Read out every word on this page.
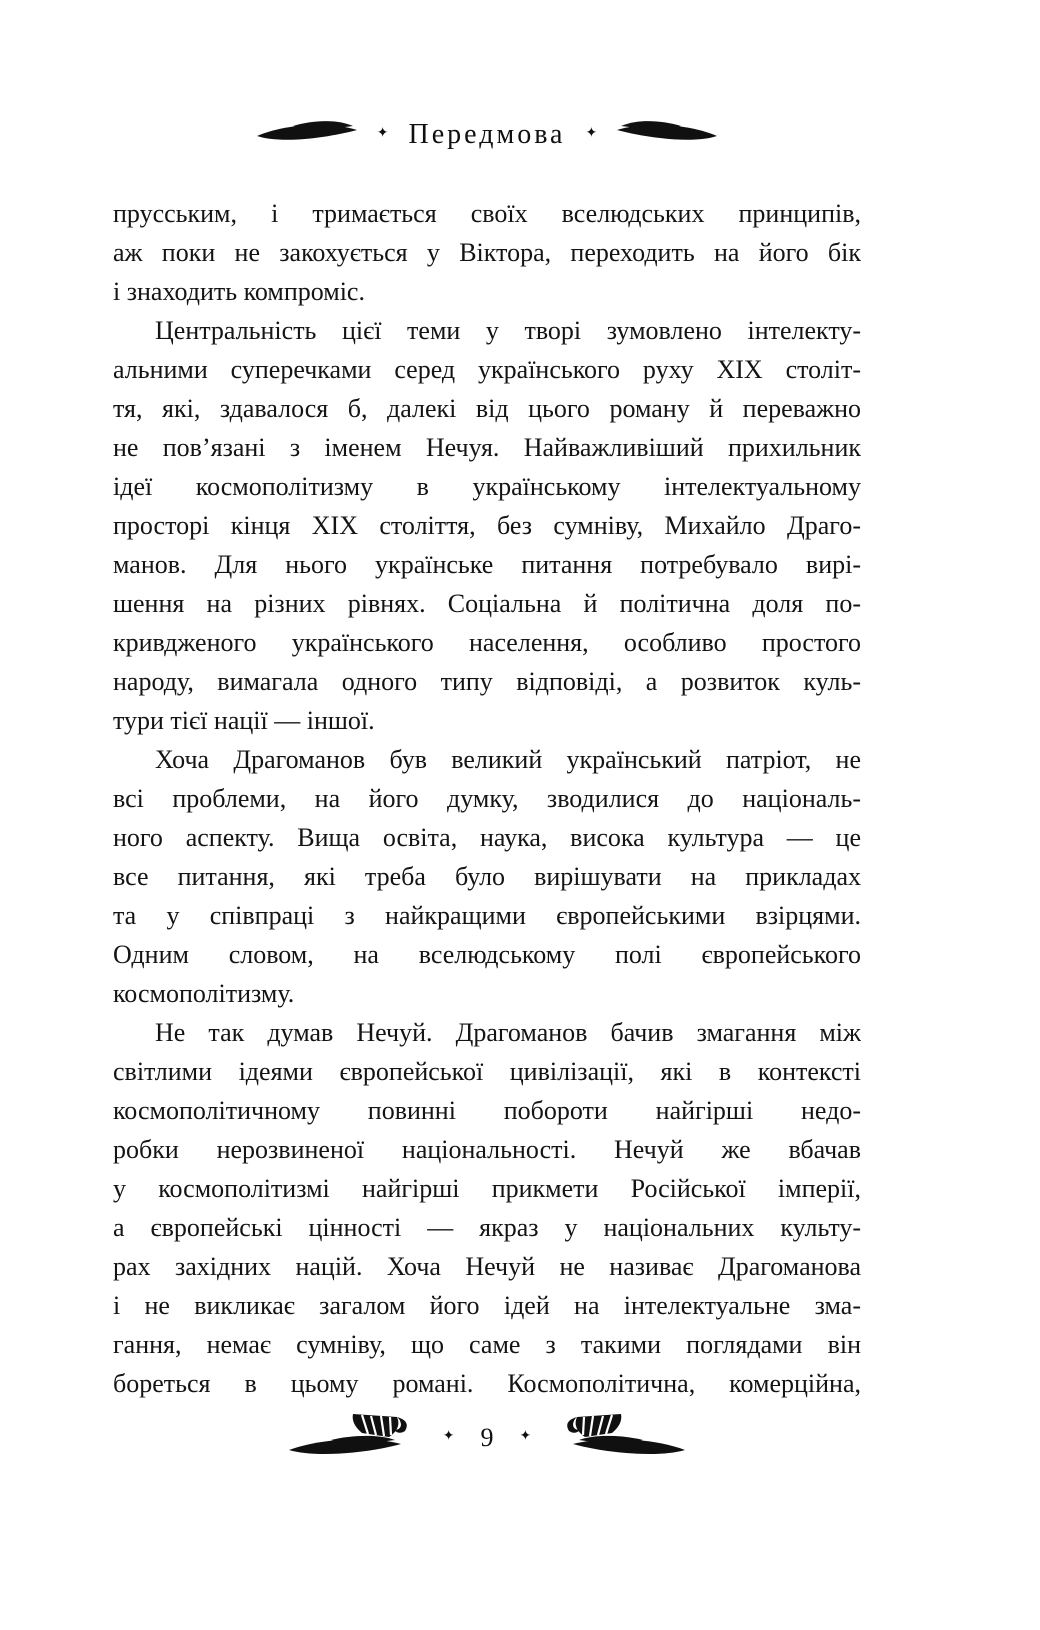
✦ Передмова ✦
прусським, і тримається своїх вселюдських принципів,
аж поки не закохується у Віктора, переходить на його бік
і знаходить компроміс.
Центральність цієї теми у творі зумовлено інтелекту-
альними суперечками серед українського руху XIX століт-
тя, які, здавалося б, далекі від цього роману й переважно
не пов’язані з іменем Нечуя. Найважливіший прихильник
ідеї космополітизму в українському інтелектуальному
просторі кінця XIX століття, без сумніву, Михайло Драго-
манов. Для нього українське питання потребувало вирі-
шення на різних рівнях. Соціальна й політична доля по-
кривдженого українського населення, особливо простого
народу, вимагала одного типу відповіді, а розвиток куль-
тури тієї нації — іншої.
Хоча Драгоманов був великий український патріот, не
всі проблеми, на його думку, зводилися до національ-
ного аспекту. Вища освіта, наука, висока культура — це
все питання, які треба було вирішувати на прикладах
та у співпраці з найкращими європейськими взірцями.
Одним словом, на вселюдському полі європейського
космополітизму.
Не так думав Нечуй. Драгоманов бачив змагання між
світлими ідеями європейської цивілізації, які в контексті
космополітичному повинні побороти найгірші недо-
робки нерозвиненої національності. Нечуй же вбачав
у космополітизмі найгірші прикмети Російської імперії,
а європейські цінності — якраз у національних культу-
рах західних націй. Хоча Нечуй не називає Драгоманова
і не викликає загалом його ідей на інтелектуальне зма-
гання, немає сумніву, що саме з такими поглядами він
бореться в цьому романі. Космополітична, комерційна,
✦ 9 ✦
